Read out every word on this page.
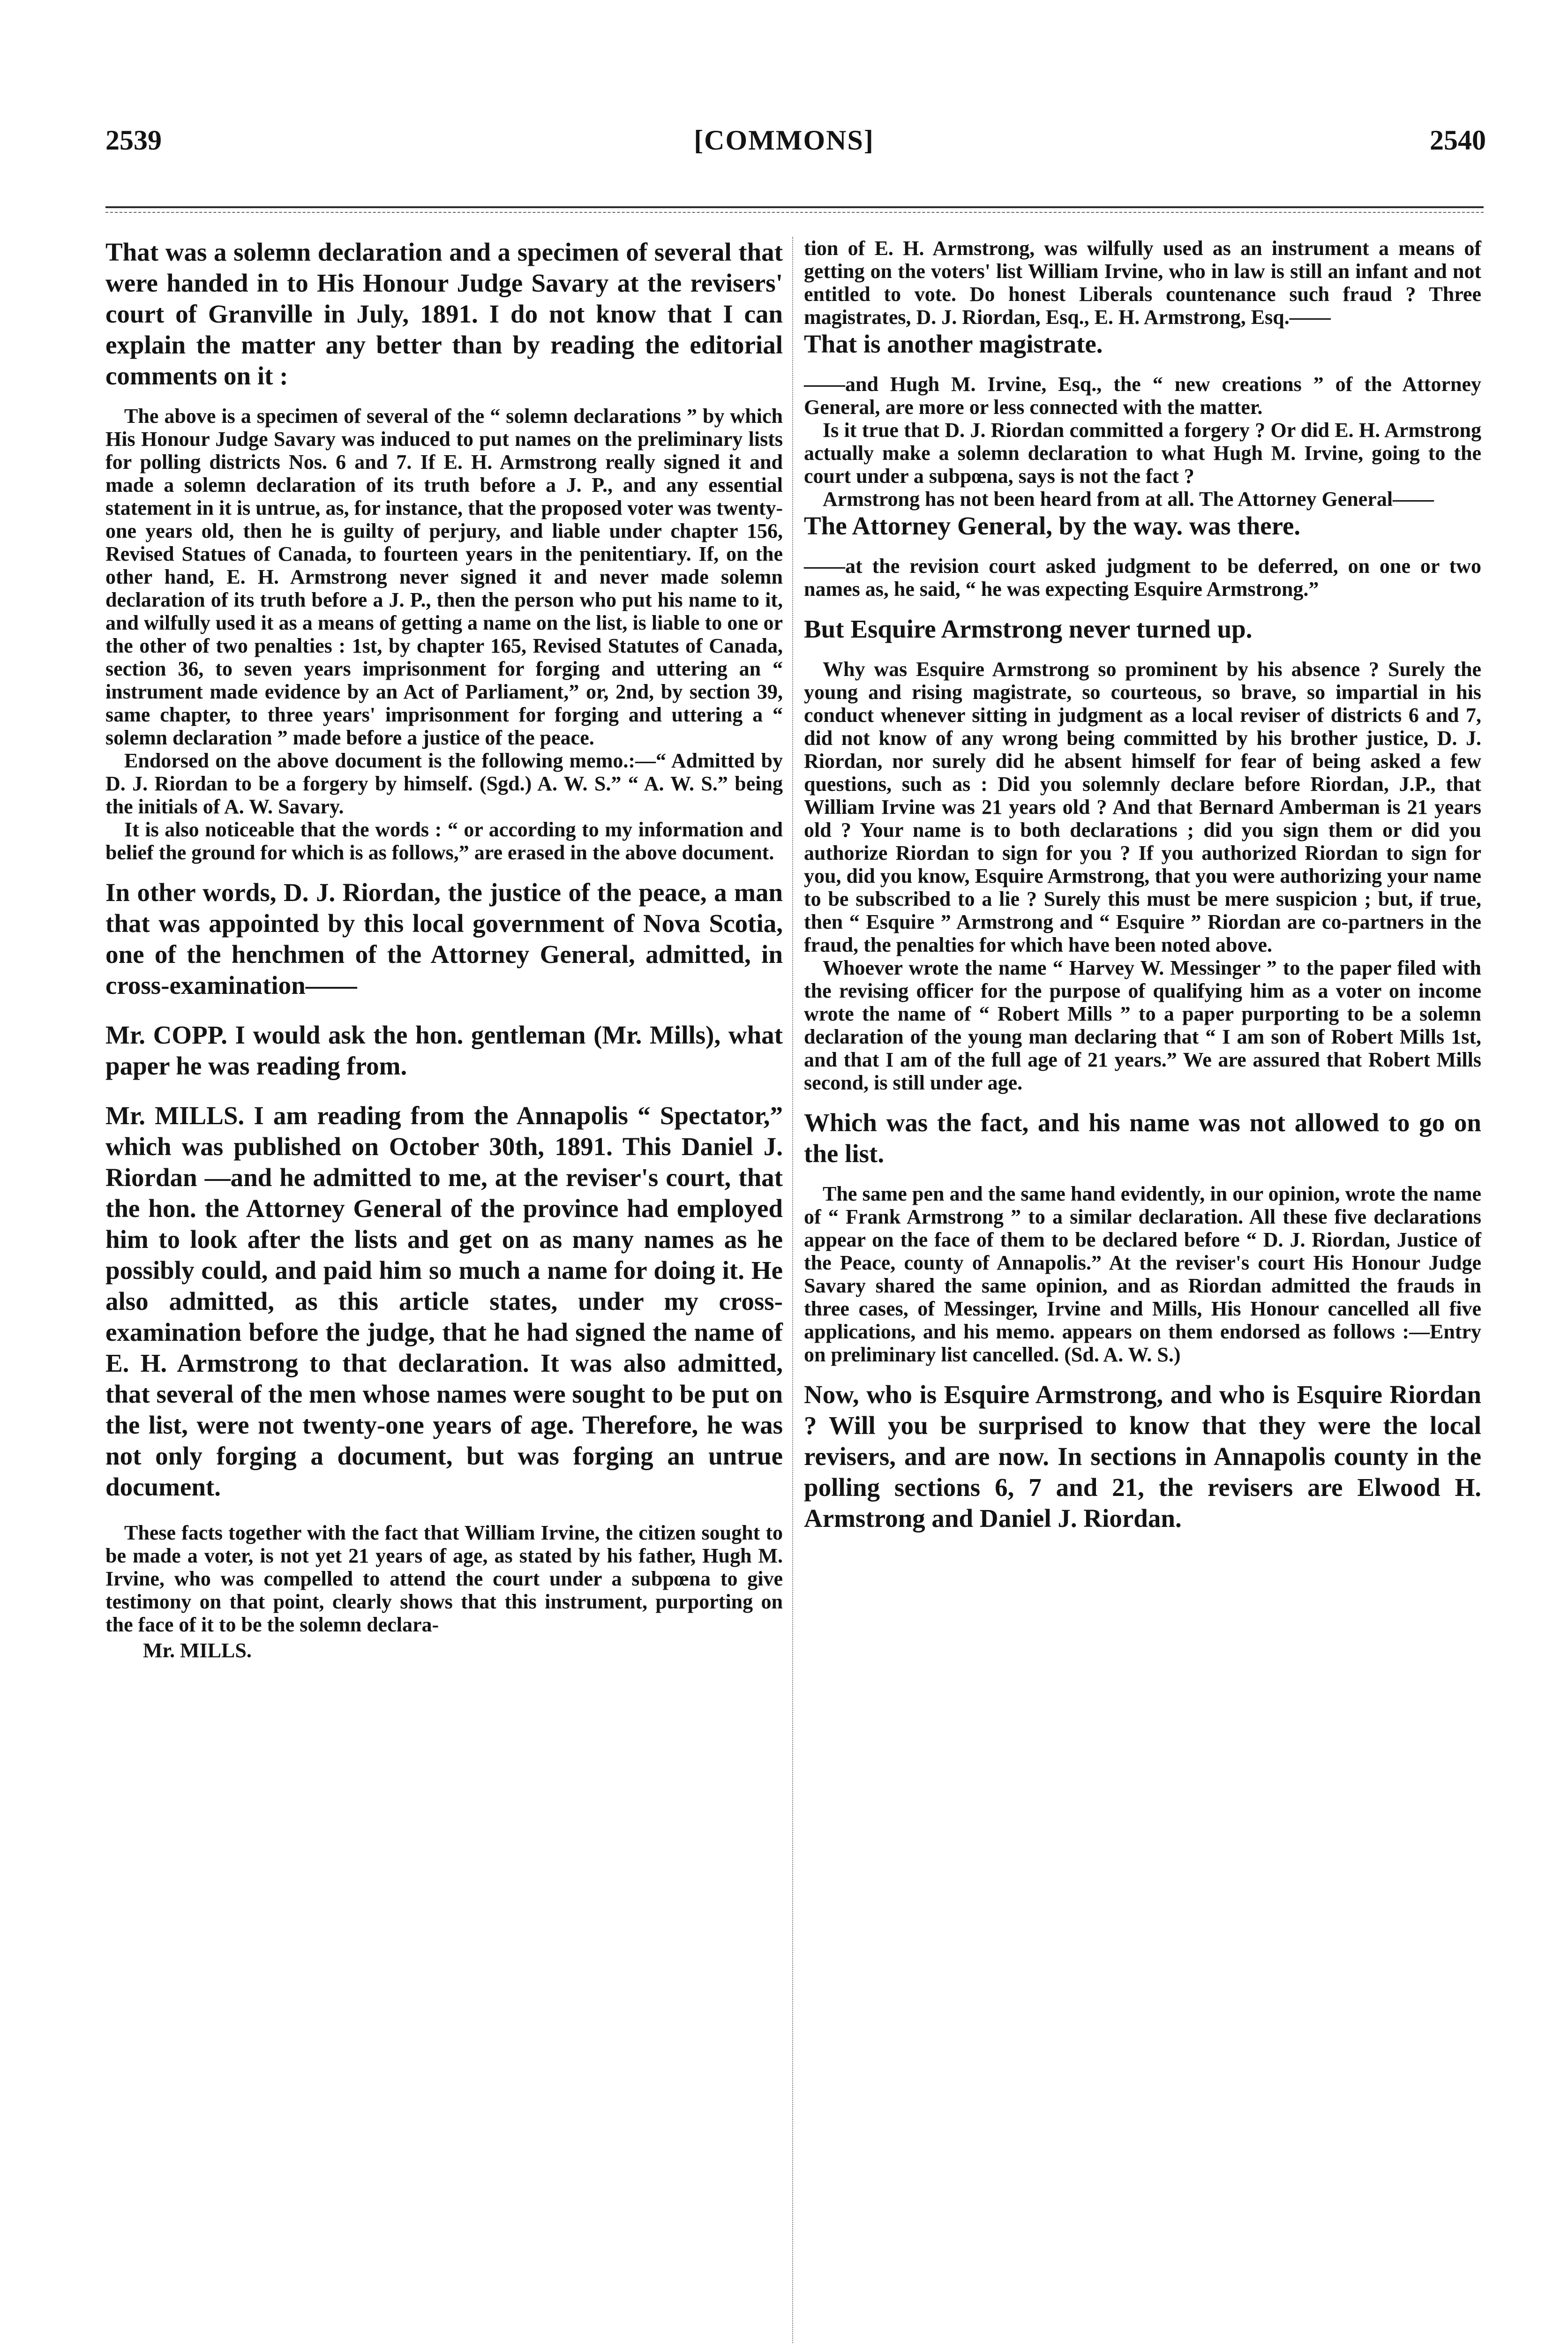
[COMMONS]
2539	2540

That was a solemn declaration and a specimen of several that were handed in to His Honour Judge Savary at the revisers' court of Granville in July, 1891. I do not know that I can explain the matter any better than by reading the editorial comments on it :

The above is a specimen of several of the “ solemn declarations ” by which His Honour Judge Savary was induced to put names on the preliminary lists for polling districts Nos. 6 and 7. If E. H. Armstrong really signed it and made a solemn declaration of its truth before a J. P., and any essential statement in it is untrue, as, for instance, that the proposed voter was twenty-one years old, then he is guilty of perjury, and liable under chapter 156, Revised Statues of Canada, to fourteen years in the penitentiary. If, on the other hand, E. H. Armstrong never signed it and never made solemn declaration of its truth before a J. P., then the person who put his name to it, and wilfully used it as a means of getting a name on the list, is liable to one or the other of two penalties : 1st, by chapter 165, Revised Statutes of Canada, section 36, to seven years imprisonment for forging and uttering an “ instrument made evidence by an Act of Parliament,” or, 2nd, by section 39, same chapter, to three years' imprisonment for forging and uttering a “ solemn declaration ” made before a justice of the peace.

Endorsed on the above document is the following memo.:—“ Admitted by D. J. Riordan to be a forgery by himself. (Sgd.) A. W. S.” “ A. W. S.” being the initials of A. W. Savary.

It is also noticeable that the words : “ or according to my information and belief the ground for which is as follows,” are erased in the above document.

In other words, D. J. Riordan, the justice of the peace, a man that was appointed by this local government of Nova Scotia, one of the henchmen of the Attorney General, admitted, in cross-examination——

Mr. COPP. I would ask the hon. gentleman (Mr. Mills), what paper he was reading from.

Mr. MILLS. I am reading from the Annapolis “ Spectator,” which was published on October 30th, 1891. This Daniel J. Riordan —and he admitted to me, at the reviser's court, that the hon. the Attorney General of the province had employed him to look after the lists and get on as many names as he possibly could, and paid him so much a name for doing it. He also admitted, as this article states, under my cross-examination before the judge, that he had signed the name of E. H. Armstrong to that declaration. It was also admitted, that several of the men whose names were sought to be put on the list, were not twenty-one years of age. Therefore, he was not only forging a document, but was forging an untrue document.

These facts together with the fact that William Irvine, the citizen sought to be made a voter, is not yet 21 years of age, as stated by his father, Hugh M. Irvine, who was compelled to attend the court under a subpœna to give testimony on that point, clearly shows that this instrument, purporting on the face of it to be the solemn declara-

Mr. MILLS.

tion of E. H. Armstrong, was wilfully used as an instrument a means of getting on the voters' list William Irvine, who in law is still an infant and not entitled to vote. Do honest Liberals countenance such fraud ? Three magistrates, D. J. Riordan, Esq., E. H. Armstrong, Esq.——

That is another magistrate.

——and Hugh M. Irvine, Esq., the “ new creations ” of the Attorney General, are more or less connected with the matter.

Is it true that D. J. Riordan committed a forgery ? Or did E. H. Armstrong actually make a solemn declaration to what Hugh M. Irvine, going to the court under a subpœna, says is not the fact ?

Armstrong has not been heard from at all. The Attorney General——

The Attorney General, by the way. was there.

——at the revision court asked judgment to be deferred, on one or two names as, he said, “ he was expecting Esquire Armstrong.”

But Esquire Armstrong never turned up.

Why was Esquire Armstrong so prominent by his absence ? Surely the young and rising magistrate, so courteous, so brave, so impartial in his conduct whenever sitting in judgment as a local reviser of districts 6 and 7, did not know of any wrong being committed by his brother justice, D. J. Riordan, nor surely did he absent himself for fear of being asked a few questions, such as : Did you solemnly declare before Riordan, J.P., that William Irvine was 21 years old ? And that Bernard Amberman is 21 years old ? Your name is to both declarations ; did you sign them or did you authorize Riordan to sign for you ? If you authorized Riordan to sign for you, did you know, Esquire Armstrong, that you were authorizing your name to be subscribed to a lie ? Surely this must be mere suspicion ; but, if true, then “ Esquire ” Armstrong and “ Esquire ” Riordan are co-partners in the fraud, the penalties for which have been noted above.

Whoever wrote the name “ Harvey W. Messinger ” to the paper filed with the revising officer for the purpose of qualifying him as a voter on income wrote the name of “ Robert Mills ” to a paper purporting to be a solemn declaration of the young man declaring that “ I am son of Robert Mills 1st, and that I am of the full age of 21 years.” We are assured that Robert Mills second, is still under age.

Which was the fact, and his name was not allowed to go on the list.

The same pen and the same hand evidently, in our opinion, wrote the name of “ Frank Armstrong ” to a similar declaration. All these five declarations appear on the face of them to be declared before “ D. J. Riordan, Justice of the Peace, county of Annapolis.” At the reviser's court His Honour Judge Savary shared the same opinion, and as Riordan admitted the frauds in three cases, of Messinger, Irvine and Mills, His Honour cancelled all five applications, and his memo. appears on them endorsed as follows :—Entry on preliminary list cancelled. (Sd. A. W. S.)

Now, who is Esquire Armstrong, and who is Esquire Riordan ? Will you be surprised to know that they were the local revisers, and are now. In sections in Annapolis county in the polling sections 6, 7 and 21, the revisers are Elwood H. Armstrong and Daniel J. Riordan.
